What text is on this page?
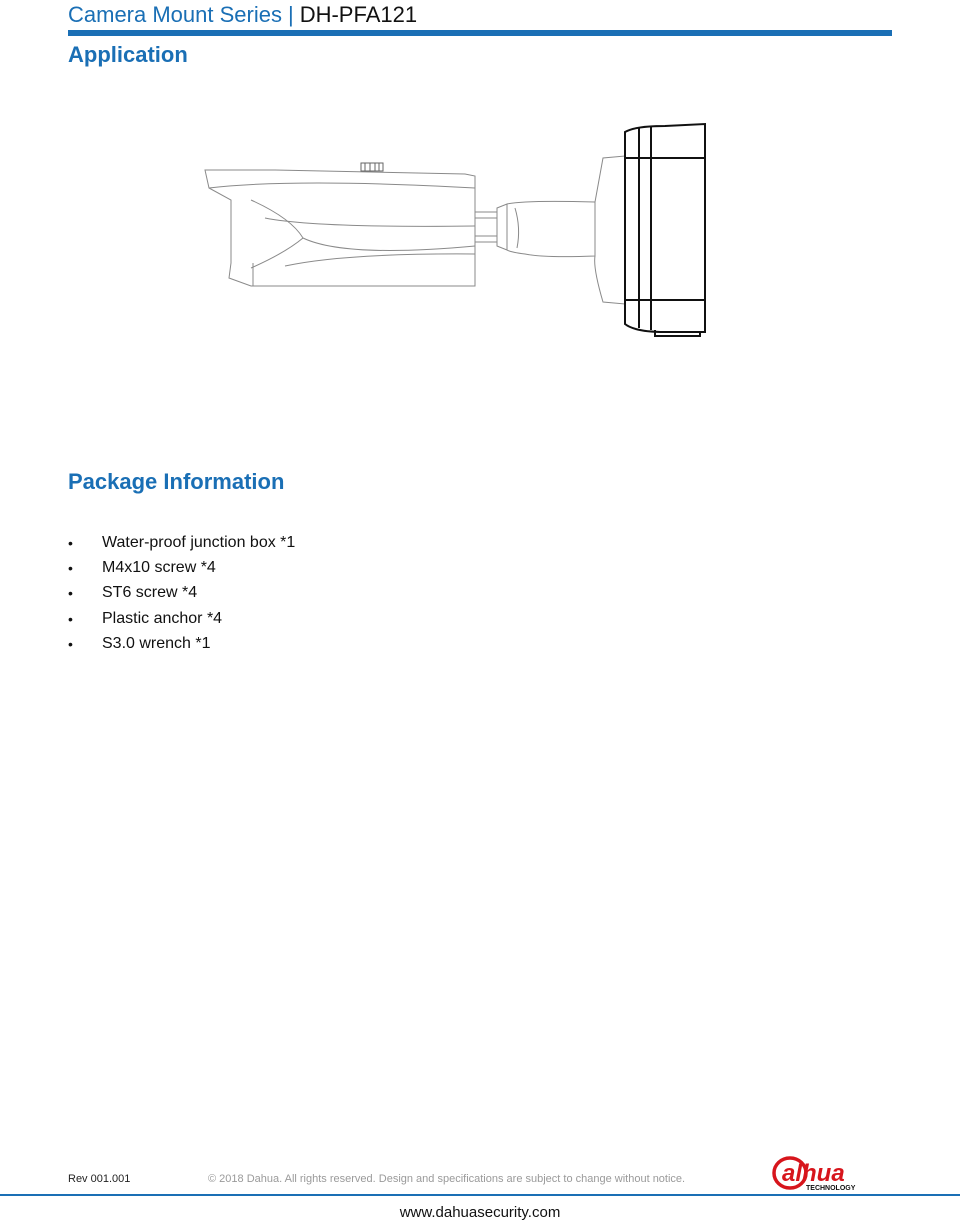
Camera Mount Series | DH-PFA121
Application
Package Information
• Water-proof junction box *1
• M4x10 screw *4
• ST6 screw *4
• Plastic anchor *4
• S3.0 wrench *1
Rev 001.001	© 2018 Dahua. All rights reserved. Design and specifications are subject to change without notice.	alhua
TECHNOLOGY
www.dahuasecurity.com
